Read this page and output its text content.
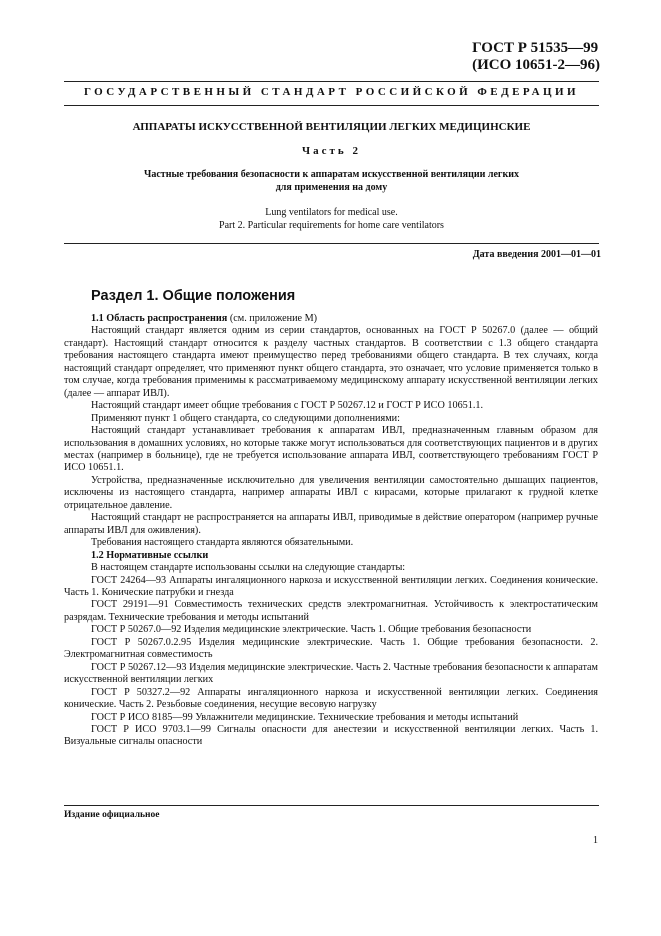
ГОСТ Р 51535—99
(ИСО 10651-2—96)
ГОСУДАРСТВЕННЫЙ СТАНДАРТ РОССИЙСКОЙ ФЕДЕРАЦИИ
АППАРАТЫ ИСКУССТВЕННОЙ ВЕНТИЛЯЦИИ ЛЕГКИХ МЕДИЦИНСКИЕ
Часть 2
Частные требования безопасности к аппаратам искусственной вентиляции легких
для применения на дому
Lung ventilators for medical use.
Part 2. Particular requirements for home care ventilators
Дата введения 2001—01—01
Раздел 1. Общие положения

1.1 Область распространения (см. приложение М)

Настоящий стандарт является одним из серии стандартов, основанных на ГОСТ Р 50267.0 (далее — общий стандарт). Настоящий стандарт относится к разделу частных стандартов. В соответствии с 1.3 общего стандарта требования настоящего стандарта имеют преимущество перед требованиями общего стандарта. В тех случаях, когда настоящий стандарт определяет, что применяют пункт общего стандарта, это означает, что условие применяется только в том случае, когда требования применимы к рассматриваемому медицинскому аппарату искусственной вентиляции легких (далее — аппарат ИВЛ).

Настоящий стандарт имеет общие требования с ГОСТ Р 50267.12 и ГОСТ Р ИСО 10651.1.

Применяют пункт 1 общего стандарта, со следующими дополнениями:

Настоящий стандарт устанавливает требования к аппаратам ИВЛ, предназначенным главным образом для использования в домашних условиях, но которые также могут использоваться для соответствующих пациентов и в других местах (например в больнице), где не требуется использование аппарата ИВЛ, соответствующего требованиям ГОСТ Р ИСО 10651.1.

Устройства, предназначенные исключительно для увеличения вентиляции самостоятельно дышащих пациентов, исключены из настоящего стандарта, например аппараты ИВЛ с кирасами, которые прилагают к грудной клетке отрицательное давление.

Настоящий стандарт не распространяется на аппараты ИВЛ, приводимые в действие оператором (например ручные аппараты ИВЛ для оживления).

Требования настоящего стандарта являются обязательными.

1.2 Нормативные ссылки

В настоящем стандарте использованы ссылки на следующие стандарты:

ГОСТ 24264—93 Аппараты ингаляционного наркоза и искусственной вентиляции легких. Соединения конические. Часть 1. Конические патрубки и гнезда

ГОСТ 29191—91 Совместимость технических средств электромагнитная. Устойчивость к электростатическим разрядам. Технические требования и методы испытаний

ГОСТ Р 50267.0—92 Изделия медицинские электрические. Часть 1. Общие требования безопасности

ГОСТ Р 50267.0.2.95 Изделия медицинские электрические. Часть 1. Общие требования безопасности. 2. Электромагнитная совместимость

ГОСТ Р 50267.12—93 Изделия медицинские электрические. Часть 2. Частные требования безопасности к аппаратам искусственной вентиляции легких

ГОСТ Р 50327.2—92 Аппараты ингаляционного наркоза и искусственной вентиляции легких. Соединения конические. Часть 2. Резьбовые соединения, несущие весовую нагрузку

ГОСТ Р ИСО 8185—99 Увлажнители медицинские. Технические требования и методы испытаний

ГОСТ Р ИСО 9703.1—99 Сигналы опасности для анестезии и искусственной вентиляции легких. Часть 1. Визуальные сигналы опасности

Издание официальное
1
